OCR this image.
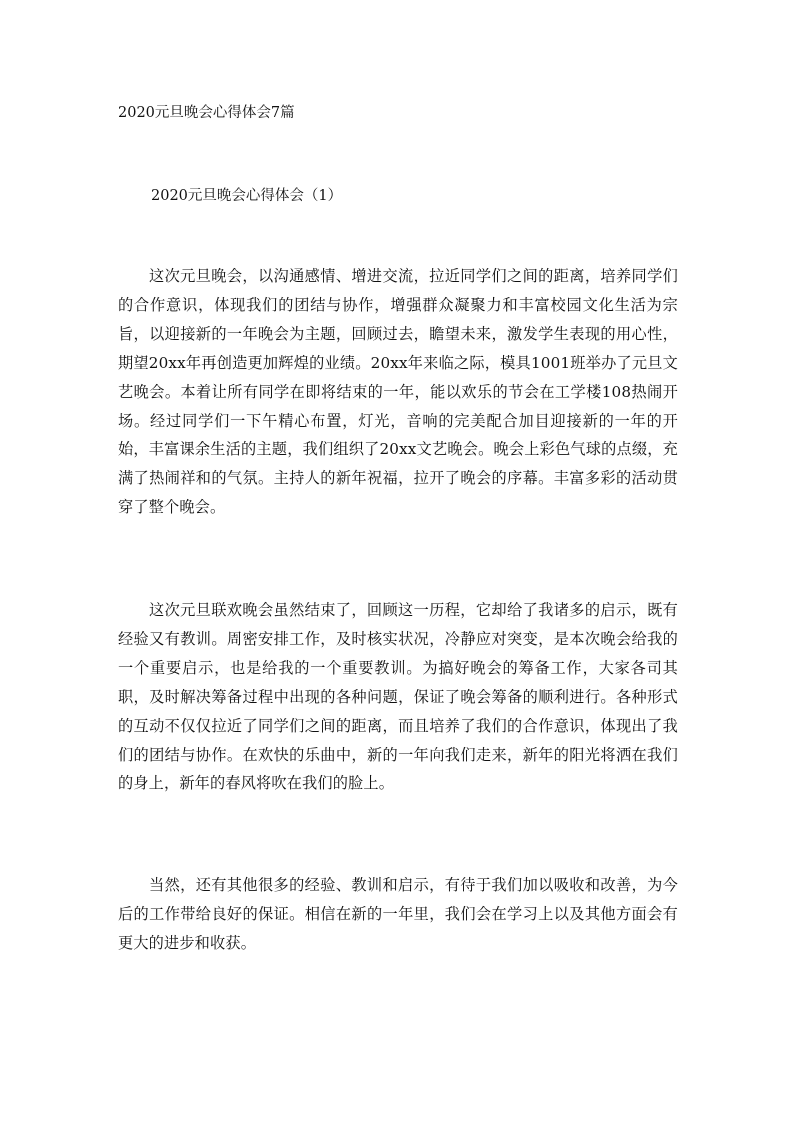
2020元旦晚会心得体会7篇
2020元旦晚会心得体会（1）

这次元旦晚会，以沟通感情、增进交流，拉近同学们之间的距离，培养同学们的合作意识，体现我们的团结与协作，增强群众凝聚力和丰富校园文化生活为宗旨，以迎接新的一年晚会为主题，回顾过去，瞻望未来，激发学生表现的用心性，期望20xx年再创造更加辉煌的业绩。20xx年来临之际，模具1001班举办了元旦文艺晚会。本着让所有同学在即将结束的一年，能以欢乐的节会在工学楼108热闹开场。经过同学们一下午精心布置，灯光，音响的完美配合加目迎接新的一年的开始，丰富课余生活的主题，我们组织了20xx文艺晚会。晚会上彩色气球的点缀，充满了热闹祥和的气氛。主持人的新年祝福，拉开了晚会的序幕。丰富多彩的活动贯穿了整个晚会。

这次元旦联欢晚会虽然结束了，回顾这一历程，它却给了我诸多的启示，既有经验又有教训。周密安排工作，及时核实状况，冷静应对突变，是本次晚会给我的一个重要启示，也是给我的一个重要教训。为搞好晚会的筹备工作，大家各司其职，及时解决筹备过程中出现的各种问题，保证了晚会筹备的顺利进行。各种形式的互动不仅仅拉近了同学们之间的距离，而且培养了我们的合作意识，体现出了我们的团结与协作。在欢快的乐曲中，新的一年向我们走来，新年的阳光将洒在我们的身上，新年的春风将吹在我们的脸上。

当然，还有其他很多的经验、教训和启示，有待于我们加以吸收和改善，为今后的工作带给良好的保证。相信在新的一年里，我们会在学习上以及其他方面会有更大的进步和收获。
